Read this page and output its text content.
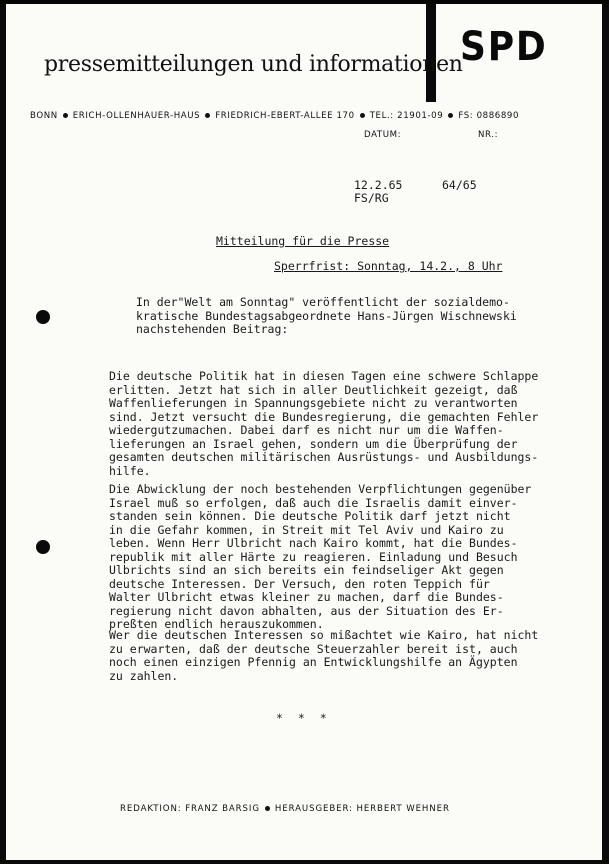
SPD
pressemitteilungen und informationen
BONN ERICH-OLLENHAUER-HAUS FRIEDRICH-EBERT-ALLEE 170 TEL.: 21901-09 FS: 0886890
DATUM:	NR.:
12.2.65	64/65
FS/RG
Mitteilung für die Presse
Sperrfrist: Sonntag, 14.2., 8 Uhr
In der"Welt am Sonntag" veröffentlicht der sozialdemo-
kratische Bundestagsabgeordnete Hans-Jürgen Wischnewski
nachstehenden Beitrag:
Die deutsche Politik hat in diesen Tagen eine schwere Schlappe
erlitten. Jetzt hat sich in aller Deutlichkeit gezeigt, daß
Waffenlieferungen in Spannungsgebiete nicht zu verantworten
sind. Jetzt versucht die Bundesregierung, die gemachten Fehler
wiedergutzumachen. Dabei darf es nicht nur um die Waffen-
lieferungen an Israel gehen, sondern um die Überprüfung der
gesamten deutschen militärischen Ausrüstungs- und Ausbildungs-
hilfe.
Die Abwicklung der noch bestehenden Verpflichtungen gegenüber
Israel muß so erfolgen, daß auch die Israelis damit einver-
standen sein können. Die deutsche Politik darf jetzt nicht
in die Gefahr kommen, in Streit mit Tel Aviv und Kairo zu
leben. Wenn Herr Ulbricht nach Kairo kommt, hat die Bundes-
republik mit aller Härte zu reagieren. Einladung und Besuch
Ulbrichts sind an sich bereits ein feindseliger Akt gegen
deutsche Interessen. Der Versuch, den roten Teppich für
Walter Ulbricht etwas kleiner zu machen, darf die Bundes-
regierung nicht davon abhalten, aus der Situation des Er-
preßten endlich herauszukommen.
Wer die deutschen Interessen so mißachtet wie Kairo, hat nicht
zu erwarten, daß der deutsche Steuerzahler bereit ist, auch
noch einen einzigen Pfennig an Entwicklungshilfe an Ägypten
zu zahlen.
* * *
REDAKTION: FRANZ BARSIG HERAUSGEBER: HERBERT WEHNER
